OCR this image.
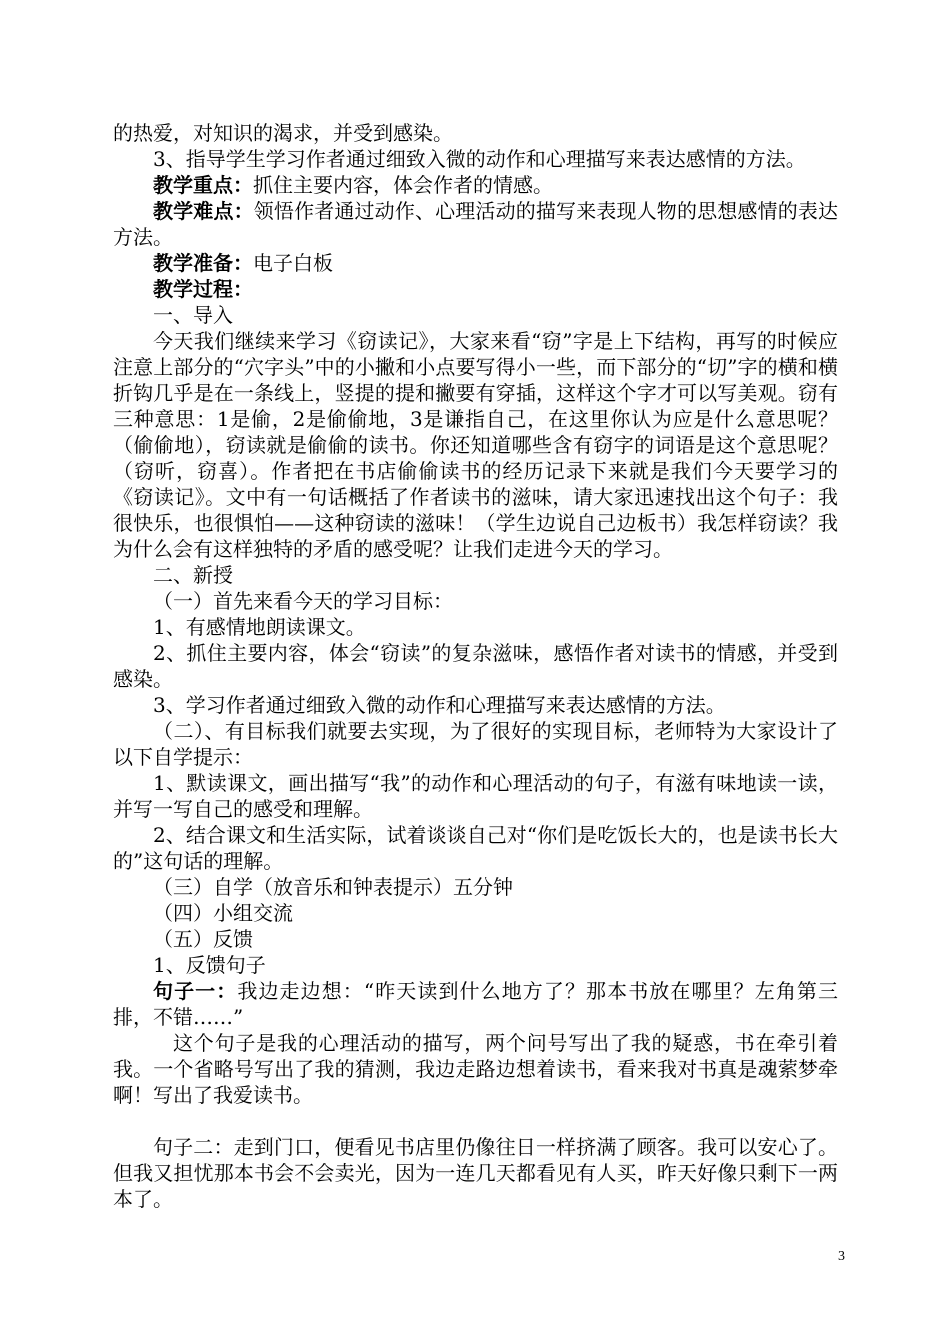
的热爱，对知识的渴求，并受到感染。

3、指导学生学习作者通过细致入微的动作和心理描写来表达感情的方法。

教学重点：抓住主要内容，体会作者的情感。

教学难点：领悟作者通过动作、心理活动的描写来表现人物的思想感情的表达方法。

教学准备：电子白板

教学过程：

一、导入

今天我们继续来学习《窃读记》，大家来看“窃”字是上下结构，再写的时候应注意上部分的“穴字头”中的小撇和小点要写得小一些，而下部分的“切”字的横和横折钩几乎是在一条线上，竖提的提和撇要有穿插，这样这个字才可以写美观。窃有三种意思：1是偷，2是偷偷地，3是谦指自己，在这里你认为应是什么意思呢？（偷偷地），窃读就是偷偷的读书。你还知道哪些含有窃字的词语是这个意思呢？（窃听，窃喜）。作者把在书店偷偷读书的经历记录下来就是我们今天要学习的《窃读记》。文中有一句话概括了作者读书的滋味，请大家迅速找出这个句子：我很快乐，也很惧怕——这种窃读的滋味！（学生边说自己边板书）我怎样窃读？我为什么会有这样独特的矛盾的感受呢？让我们走进今天的学习。

二、新授

（一）首先来看今天的学习目标：

1、有感情地朗读课文。

2、抓住主要内容，体会“窃读”的复杂滋味，感悟作者对读书的情感，并受到感染。

3、学习作者通过细致入微的动作和心理描写来表达感情的方法。

（二）、有目标我们就要去实现，为了很好的实现目标，老师特为大家设计了以下自学提示：

1、默读课文，画出描写“我”的动作和心理活动的句子，有滋有味地读一读，并写一写自己的感受和理解。

2、结合课文和生活实际，试着谈谈自己对“你们是吃饭长大的，也是读书长大的”这句话的理解。

（三）自学（放音乐和钟表提示）五分钟

（四）小组交流

（五）反馈

1、反馈句子

句子一：我边走边想：“昨天读到什么地方了？那本书放在哪里？左角第三排，不错……”

这个句子是我的心理活动的描写，两个问号写出了我的疑惑，书在牵引着我。一个省略号写出了我的猜测，我边走路边想着读书，看来我对书真是魂萦梦牵啊！写出了我爱读书。

句子二：走到门口，便看见书店里仍像往日一样挤满了顾客。我可以安心了。但我又担忧那本书会不会卖光，因为一连几天都看见有人买，昨天好像只剩下一两本了。

3
